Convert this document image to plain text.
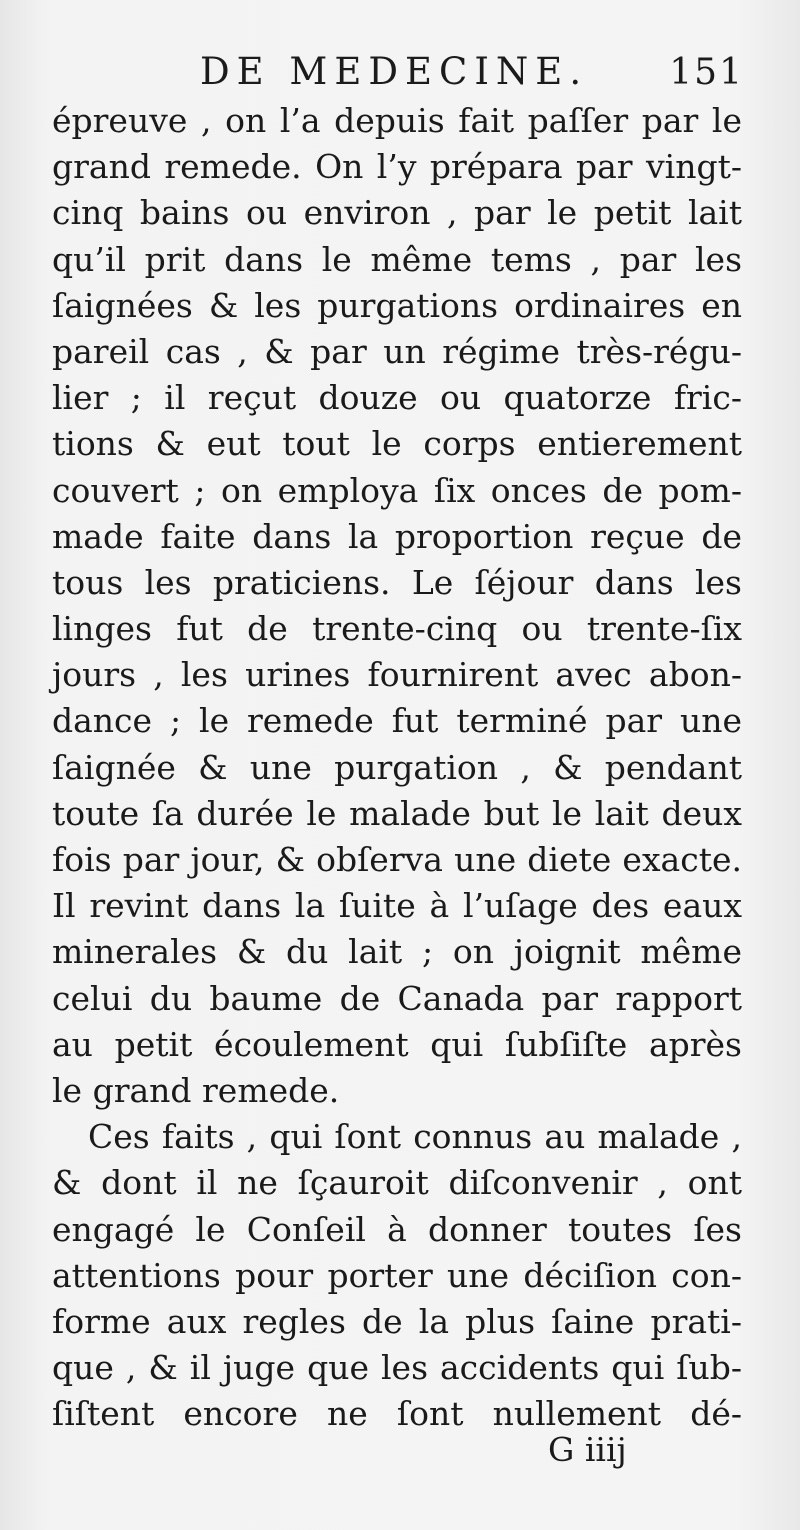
DE MEDECINE. 151
épreuve , on l’a depuis fait paſſer par le
grand remede. On l’y prépara par vingt-
cinq bains ou environ , par le petit lait
qu’il prit dans le même tems , par les
ſaignées & les purgations ordinaires en
pareil cas , & par un régime très-régu-
lier ; il reçut douze ou quatorze fric-
tions & eut tout le corps entierement
couvert ; on employa ſix onces de pom-
made faite dans la proportion reçue de
tous les praticiens. Le ſéjour dans les
linges fut de trente-cinq ou trente-ſix
jours , les urines fournirent avec abon-
dance ; le remede fut terminé par une
ſaignée & une purgation , & pendant
toute ſa durée le malade but le lait deux
fois par jour, & obſerva une diete exacte.
Il revint dans la ſuite à l’uſage des eaux
minerales & du lait ; on joignit même
celui du baume de Canada par rapport
au petit écoulement qui ſubſiſte après
le grand remede.
Ces faits , qui ſont connus au malade ,
& dont il ne ſçauroit diſconvenir , ont
engagé le Conſeil à donner toutes ſes
attentions pour porter une déciſion con-
forme aux regles de la plus ſaine prati-
que , & il juge que les accidents qui ſub-
ſiſtent encore ne ſont nullement dé-
G iiij
